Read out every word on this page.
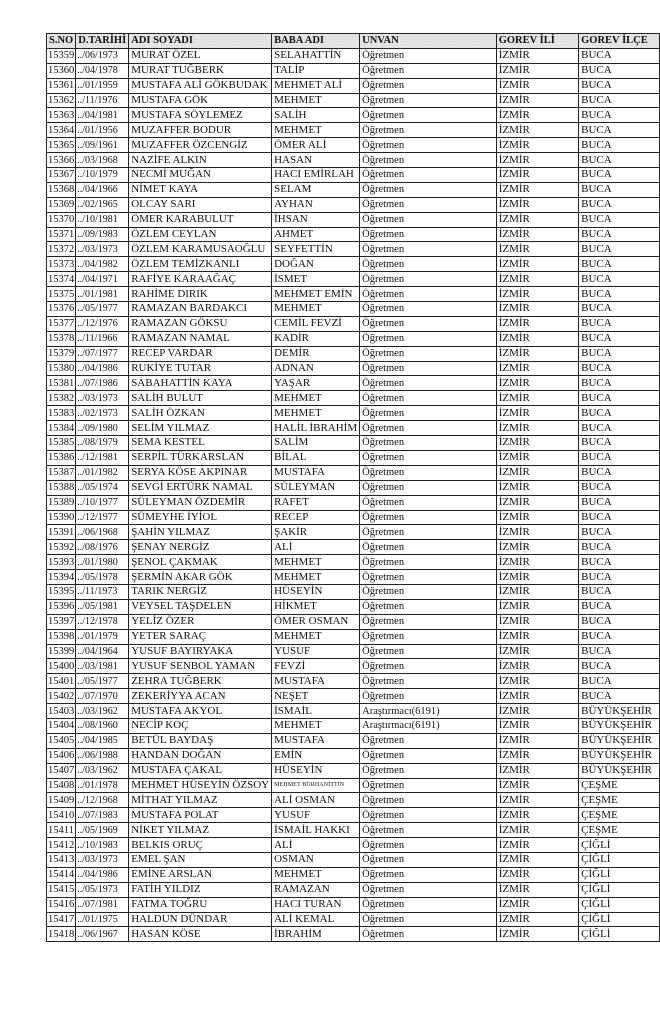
S.NO	D.TARİHİ	ADI SOYADI	BABA ADI	UNVAN	GOREV İLİ	GOREV İLÇE
15359	../06/1973	MURAT ÖZEL	SELAHATTİN	Öğretmen	İZMİR	BUCA
15360	../04/1978	MURAT TUĞBERK	TALİP	Öğretmen	İZMİR	BUCA
15361	../01/1959	MUSTAFA ALİ GÖKBUDAK	MEHMET ALİ	Öğretmen	İZMİR	BUCA
15362	../11/1976	MUSTAFA GÖK	MEHMET	Öğretmen	İZMİR	BUCA
15363	../04/1981	MUSTAFA SÖYLEMEZ	SALİH	Öğretmen	İZMİR	BUCA
15364	../01/1956	MUZAFFER BODUR	MEHMET	Öğretmen	İZMİR	BUCA
15365	../09/1961	MUZAFFER ÖZCENGİZ	ÖMER ALİ	Öğretmen	İZMİR	BUCA
15366	../03/1968	NAZİFE ALKIN	HASAN	Öğretmen	İZMİR	BUCA
15367	../10/1979	NECMİ MUĞAN	HACI EMİRLAH	Öğretmen	İZMİR	BUCA
15368	../04/1966	NİMET KAYA	SELAM	Öğretmen	İZMİR	BUCA
15369	../02/1965	OLCAY SARI	AYHAN	Öğretmen	İZMİR	BUCA
15370	../10/1981	ÖMER KARABULUT	İHSAN	Öğretmen	İZMİR	BUCA
15371	../09/1983	ÖZLEM CEYLAN	AHMET	Öğretmen	İZMİR	BUCA
15372	../03/1973	ÖZLEM KARAMUSAOĞLU	SEYFETTİN	Öğretmen	İZMİR	BUCA
15373	../04/1982	ÖZLEM TEMİZKANLI	DOĞAN	Öğretmen	İZMİR	BUCA
15374	../04/1971	RAFİYE KARAAĞAÇ	İSMET	Öğretmen	İZMİR	BUCA
15375	../01/1981	RAHİME DIRIK	MEHMET EMİN	Öğretmen	İZMİR	BUCA
15376	../05/1977	RAMAZAN BARDAKCI	MEHMET	Öğretmen	İZMİR	BUCA
15377	../12/1976	RAMAZAN GÖKSU	CEMİL FEVZİ	Öğretmen	İZMİR	BUCA
15378	../11/1966	RAMAZAN NAMAL	KADİR	Öğretmen	İZMİR	BUCA
15379	../07/1977	RECEP VARDAR	DEMİR	Öğretmen	İZMİR	BUCA
15380	../04/1986	RUKİYE TUTAR	ADNAN	Öğretmen	İZMİR	BUCA
15381	../07/1986	SABAHATTİN KAYA	YAŞAR	Öğretmen	İZMİR	BUCA
15382	../03/1973	SALİH BULUT	MEHMET	Öğretmen	İZMİR	BUCA
15383	../02/1973	SALİH ÖZKAN	MEHMET	Öğretmen	İZMİR	BUCA
15384	../09/1980	SELİM YILMAZ	HALİL İBRAHİM	Öğretmen	İZMİR	BUCA
15385	../08/1979	SEMA KESTEL	SALİM	Öğretmen	İZMİR	BUCA
15386	../12/1981	SERPİL TÜRKARSLAN	BİLAL	Öğretmen	İZMİR	BUCA
15387	../01/1982	SERYA KÖSE AKPINAR	MUSTAFA	Öğretmen	İZMİR	BUCA
15388	../05/1974	SEVGİ ERTÜRK NAMAL	SÜLEYMAN	Öğretmen	İZMİR	BUCA
15389	../10/1977	SÜLEYMAN ÖZDEMİR	RAFET	Öğretmen	İZMİR	BUCA
15390	../12/1977	SÜMEYHE İYİOL	RECEP	Öğretmen	İZMİR	BUCA
15391	../06/1968	ŞAHİN YILMAZ	ŞAKİR	Öğretmen	İZMİR	BUCA
15392	../08/1976	ŞENAY NERGİZ	ALİ	Öğretmen	İZMİR	BUCA
15393	../01/1980	ŞENOL ÇAKMAK	MEHMET	Öğretmen	İZMİR	BUCA
15394	../05/1978	ŞERMİN AKAR GÖK	MEHMET	Öğretmen	İZMİR	BUCA
15395	../11/1973	TARIK NERGİZ	HÜSEYİN	Öğretmen	İZMİR	BUCA
15396	../05/1981	VEYSEL TAŞDELEN	HİKMET	Öğretmen	İZMİR	BUCA
15397	../12/1978	YELİZ ÖZER	ÖMER OSMAN	Öğretmen	İZMİR	BUCA
15398	../01/1979	YETER SARAÇ	MEHMET	Öğretmen	İZMİR	BUCA
15399	../04/1964	YUSUF BAYIRYAKA	YUSUF	Öğretmen	İZMİR	BUCA
15400	../03/1981	YUSUF SENBOL YAMAN	FEVZİ	Öğretmen	İZMİR	BUCA
15401	../05/1977	ZEHRA TUĞBERK	MUSTAFA	Öğretmen	İZMİR	BUCA
15402	../07/1970	ZEKERİYYA ACAN	NEŞET	Öğretmen	İZMİR	BUCA
15403	../03/1962	MUSTAFA AKYOL	İSMAİL	Araştırmacı(6191)	İZMİR	BÜYÜKŞEHİR
15404	../08/1960	NECİP KOÇ	MEHMET	Araştırmacı(6191)	İZMİR	BÜYÜKŞEHİR
15405	../04/1985	BETÜL BAYDAŞ	MUSTAFA	Öğretmen	İZMİR	BÜYÜKŞEHİR
15406	../06/1988	HANDAN DOĞAN	EMİN	Öğretmen	İZMİR	BÜYÜKŞEHİR
15407	../03/1962	MUSTAFA ÇAKAL	HÜSEYİN	Öğretmen	İZMİR	BÜYÜKŞEHİR
15408	../01/1978	MEHMET HÜSEYİN ÖZSOY	MEHMET BÜRHANİTTİN	Öğretmen	İZMİR	ÇEŞME
15409	../12/1968	MİTHAT YILMAZ	ALİ OSMAN	Öğretmen	İZMİR	ÇEŞME
15410	../07/1983	MUSTAFA POLAT	YUSUF	Öğretmen	İZMİR	ÇEŞME
15411	../05/1969	NİKET YILMAZ	İSMAİL HAKKI	Öğretmen	İZMİR	ÇEŞME
15412	../10/1983	BELKIS ORUÇ	ALİ	Öğretmen	İZMİR	ÇİĞLİ
15413	../03/1973	EMEL ŞAN	OSMAN	Öğretmen	İZMİR	ÇİĞLİ
15414	../04/1986	EMİNE ARSLAN	MEHMET	Öğretmen	İZMİR	ÇİĞLİ
15415	../05/1973	FATİH YILDIZ	RAMAZAN	Öğretmen	İZMİR	ÇİĞLİ
15416	../07/1981	FATMA TOĞRU	HACI TURAN	Öğretmen	İZMİR	ÇİĞLİ
15417	../01/1975	HALDUN DÜNDAR	ALİ KEMAL	Öğretmen	İZMİR	ÇİĞLİ
15418	../06/1967	HASAN KÖSE	İBRAHİM	Öğretmen	İZMİR	ÇİĞLİ
